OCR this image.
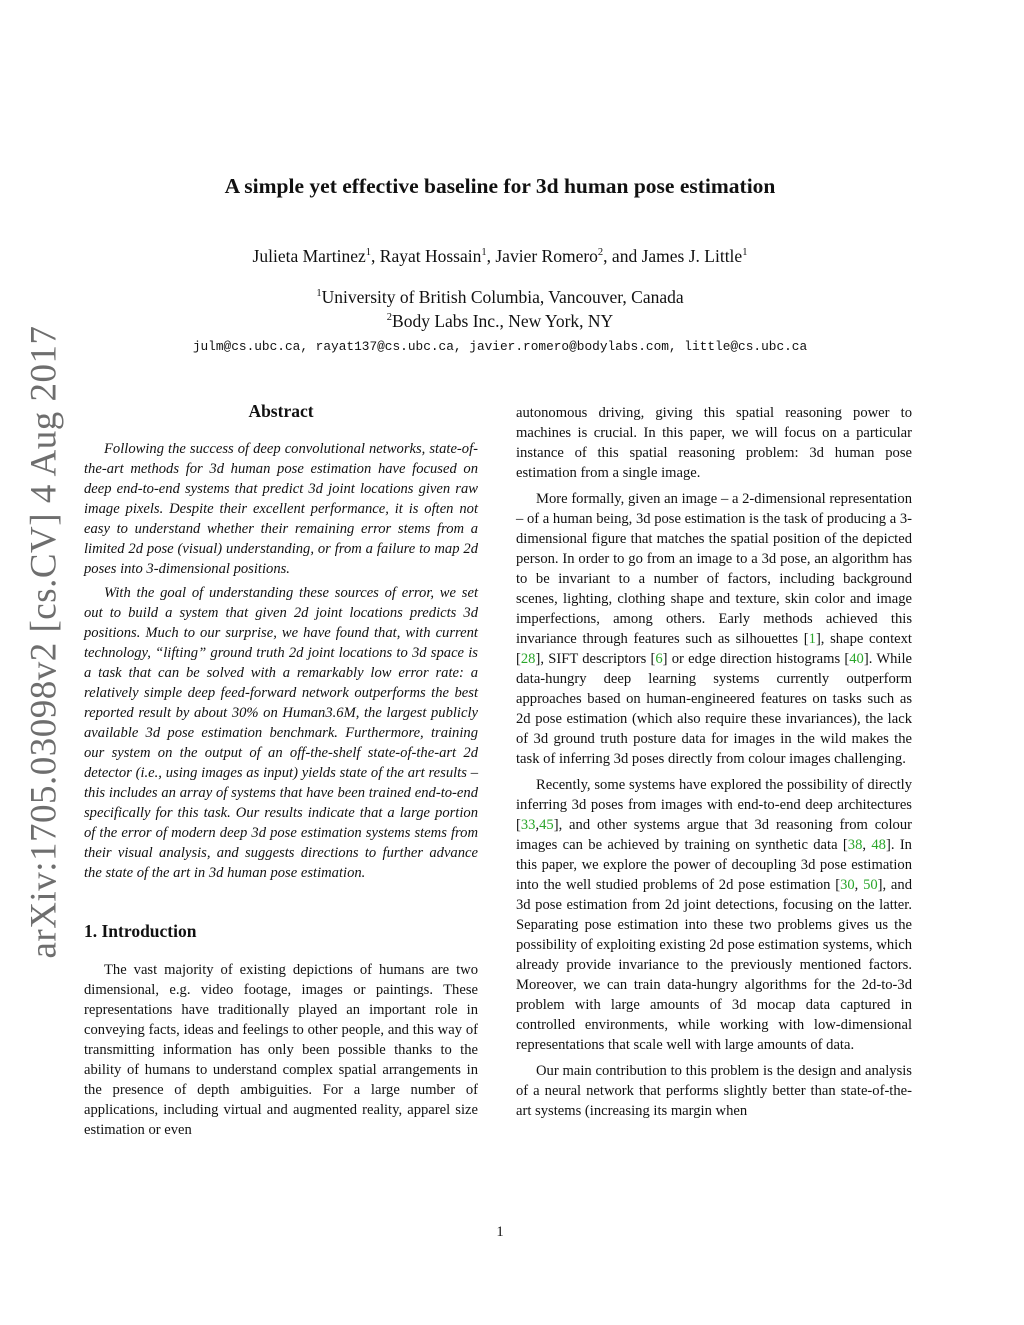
arXiv:1705.03098v2 [cs.CV] 4 Aug 2017
A simple yet effective baseline for 3d human pose estimation
Julieta Martinez$^1$, Rayat Hossain$^1$, Javier Romero$^2$, and James J. Little$^1$
$^1$University of British Columbia, Vancouver, Canada
$^2$Body Labs Inc., New York, NY
julm@cs.ubc.ca, rayat137@cs.ubc.ca, javier.romero@bodylabs.com, little@cs.ubc.ca
Abstract

Following the success of deep convolutional networks, state-of-the-art methods for 3d human pose estimation have focused on deep end-to-end systems that predict 3d joint locations given raw image pixels. Despite their excellent performance, it is often not easy to understand whether their remaining error stems from a limited 2d pose (visual) understanding, or from a failure to map 2d poses into 3-dimensional positions.

With the goal of understanding these sources of error, we set out to build a system that given 2d joint locations predicts 3d positions. Much to our surprise, we have found that, with current technology, “lifting” ground truth 2d joint locations to 3d space is a task that can be solved with a remarkably low error rate: a relatively simple deep feed-forward network outperforms the best reported result by about 30% on Human3.6M, the largest publicly available 3d pose estimation benchmark. Furthermore, training our system on the output of an off-the-shelf state-of-the-art 2d detector (i.e., using images as input) yields state of the art results – this includes an array of systems that have been trained end-to-end specifically for this task. Our results indicate that a large portion of the error of modern deep 3d pose estimation systems stems from their visual analysis, and suggests directions to further advance the state of the art in 3d human pose estimation.

1. Introduction

The vast majority of existing depictions of humans are two dimensional, e.g. video footage, images or paintings. These representations have traditionally played an important role in conveying facts, ideas and feelings to other people, and this way of transmitting information has only been possible thanks to the ability of humans to understand complex spatial arrangements in the presence of depth ambiguities. For a large number of applications, including virtual and augmented reality, apparel size estimation or even

autonomous driving, giving this spatial reasoning power to machines is crucial. In this paper, we will focus on a particular instance of this spatial reasoning problem: 3d human pose estimation from a single image.

More formally, given an image – a 2-dimensional representation – of a human being, 3d pose estimation is the task of producing a 3-dimensional figure that matches the spatial position of the depicted person. In order to go from an image to a 3d pose, an algorithm has to be invariant to a number of factors, including background scenes, lighting, clothing shape and texture, skin color and image imperfections, among others. Early methods achieved this invariance through features such as silhouettes [1], shape context [28], SIFT descriptors [6] or edge direction histograms [40]. While data-hungry deep learning systems currently outperform approaches based on human-engineered features on tasks such as 2d pose estimation (which also require these invariances), the lack of 3d ground truth posture data for images in the wild makes the task of inferring 3d poses directly from colour images challenging.

Recently, some systems have explored the possibility of directly inferring 3d poses from images with end-to-end deep architectures [33,45], and other systems argue that 3d reasoning from colour images can be achieved by training on synthetic data [38, 48]. In this paper, we explore the power of decoupling 3d pose estimation into the well studied problems of 2d pose estimation [30, 50], and 3d pose estimation from 2d joint detections, focusing on the latter. Separating pose estimation into these two problems gives us the possibility of exploiting existing 2d pose estimation systems, which already provide invariance to the previously mentioned factors. Moreover, we can train data-hungry algorithms for the 2d-to-3d problem with large amounts of 3d mocap data captured in controlled environments, while working with low-dimensional representations that scale well with large amounts of data.

Our main contribution to this problem is the design and analysis of a neural network that performs slightly better than state-of-the-art systems (increasing its margin when

1
